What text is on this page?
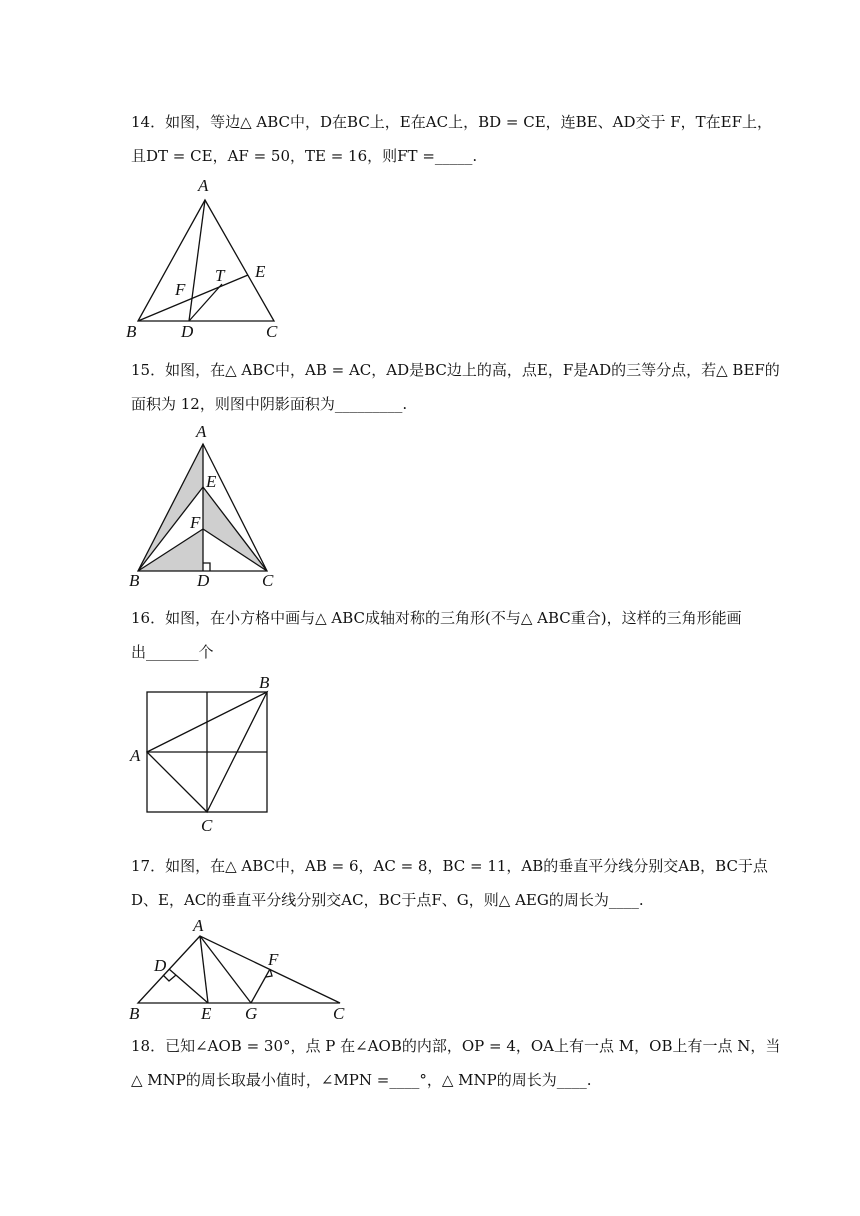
14．如图，等边△ ABC中，D在BC上，E在AC上，BD = CE，连BE、AD交于 F，T在EF上，
且DT = CE，AF = 50，TE = 16，则FT =_____.
A
B	C
D
E
F
T
15．如图，在△ ABC中，AB = AC，AD是BC边上的高，点E，F是AD的三等分点，若△ BEF的
面积为 12，则图中阴影面积为_________.
A
B	C
D
E
F
16．如图，在小方格中画与△ ABC成轴对称的三角形(不与△ ABC重合)，这样的三角形能画
出_______个
B
A
C
17．如图，在△ ABC中，AB = 6，AC = 8，BC = 11，AB的垂直平分线分别交AB，BC于点
D、E，AC的垂直平分线分别交AC，BC于点F、G，则△ AEG的周长为____.
A
D	F
B	E G	C
18．已知∠AOB = 30°，点 P 在∠AOB的内部，OP = 4，OA上有一点 M，OB上有一点 N，当
△ MNP的周长取最小值时，∠MPN =____°，△ MNP的周长为____.
